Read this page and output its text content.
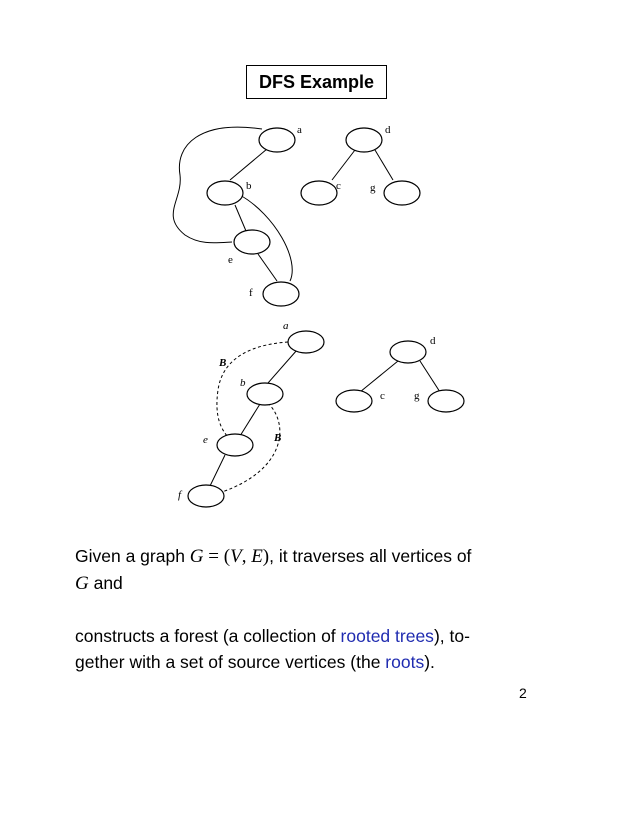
DFS Example
a
b
e
f
d
c	g
a
b
e
f
d
c	g
B
B
Given a graph G = (V, E), it traverses all vertices of
G and
constructs a forest (a collection of rooted trees), to-
gether with a set of source vertices (the roots).
2
